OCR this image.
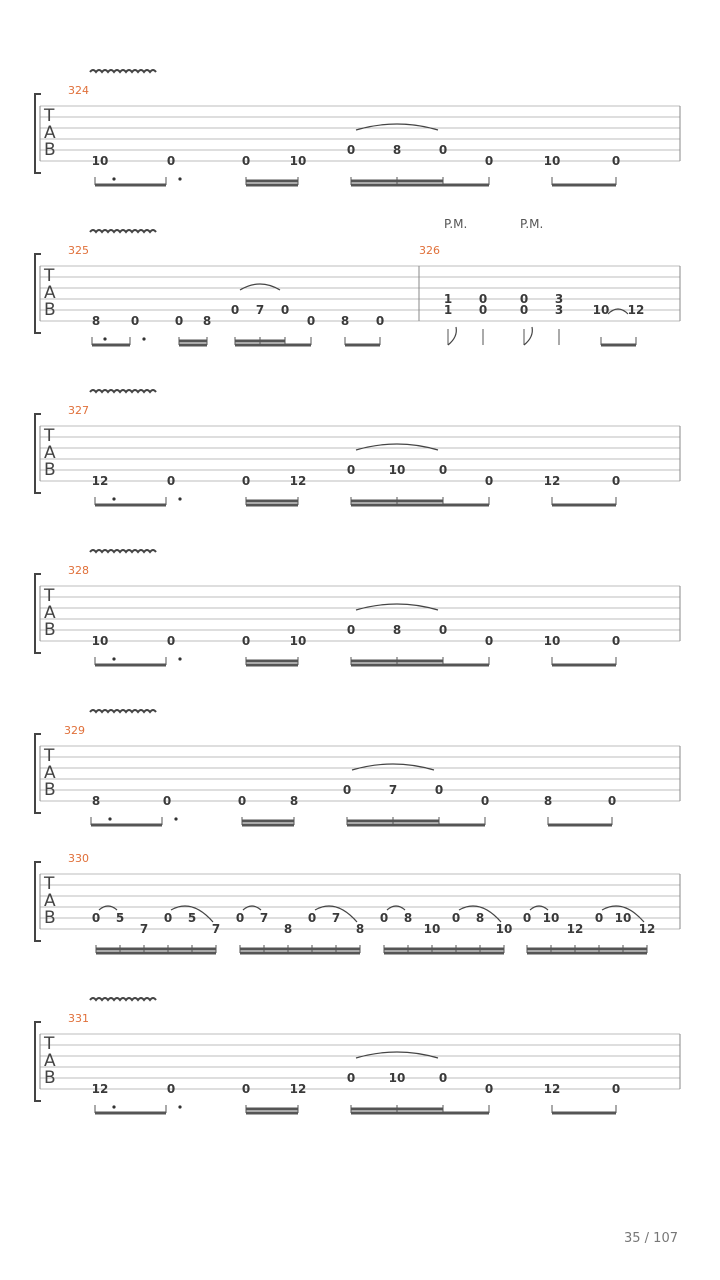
T
A
B
324
10	0	0	10
0	8	0
0	10	0
T
A
B
325
8	0	0 8
0 7 0
0 8 0
326
P.M.	P.M.
1
1
0
0
0
0
3
3 10 12
T
A
B
327
12	0	0	12
0	10	0
0	12	0
T
A
B
328
10	0	0	10
0	8	0
0	10	0
T
A
B
329
8	0	0	8
0	7	0
0	8	0
T
A
B
330
0 5
7
0 5
7
0 7
8
0 7
8
0 8
10
0 8
10
0 10
12
0 10
12
T
A
B
331
12	0	0	12
0	10	0
0	12	0
35 / 107
